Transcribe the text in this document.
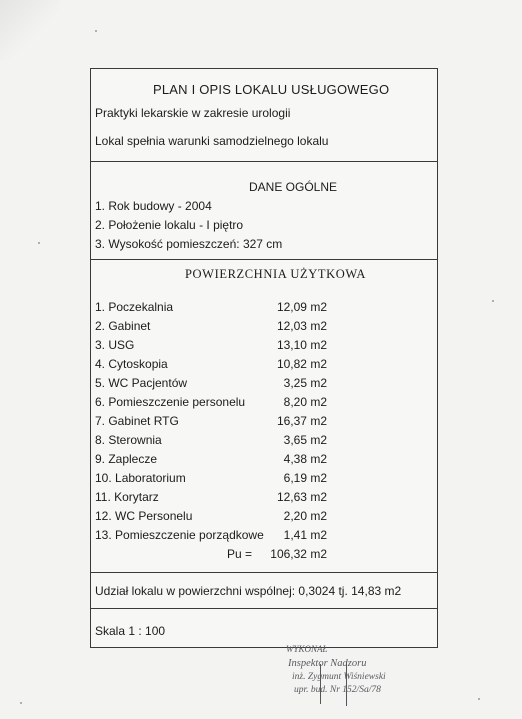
PLAN I OPIS LOKALU USŁUGOWEGO
Praktyki lekarskie w zakresie urologii
Lokal spełnia warunki samodzielnego lokalu
DANE OGÓLNE
1. Rok budowy - 2004
2. Położenie lokalu - I piętro
3. Wysokość pomieszczeń: 327 cm
POWIERZCHNIA UŻYTKOWA
1. Poczekalnia	12,09 m2
2. Gabinet	12,03 m2
3. USG	13,10 m2
4. Cytoskopia	10,82 m2
5. WC Pacjentów	3,25 m2
6. Pomieszczenie personelu	8,20 m2
7. Gabinet RTG	16,37 m2
8. Sterownia	3,65 m2
9. Zaplecze	4,38 m2
10. Laboratorium	6,19 m2
11. Korytarz	12,63 m2
12. WC Personelu	2,20 m2
13. Pomieszczenie porządkowe 1,41 m2
Pu = 106,32 m2
Udział lokalu w powierzchni wspólnej: 0,3024 tj. 14,83 m2
Skala 1 : 100
WYKONAŁ
Inspektor Nadzoru
inż. Zygmunt Wiśniewski
upr. bud. Nr 152/Sa/78
